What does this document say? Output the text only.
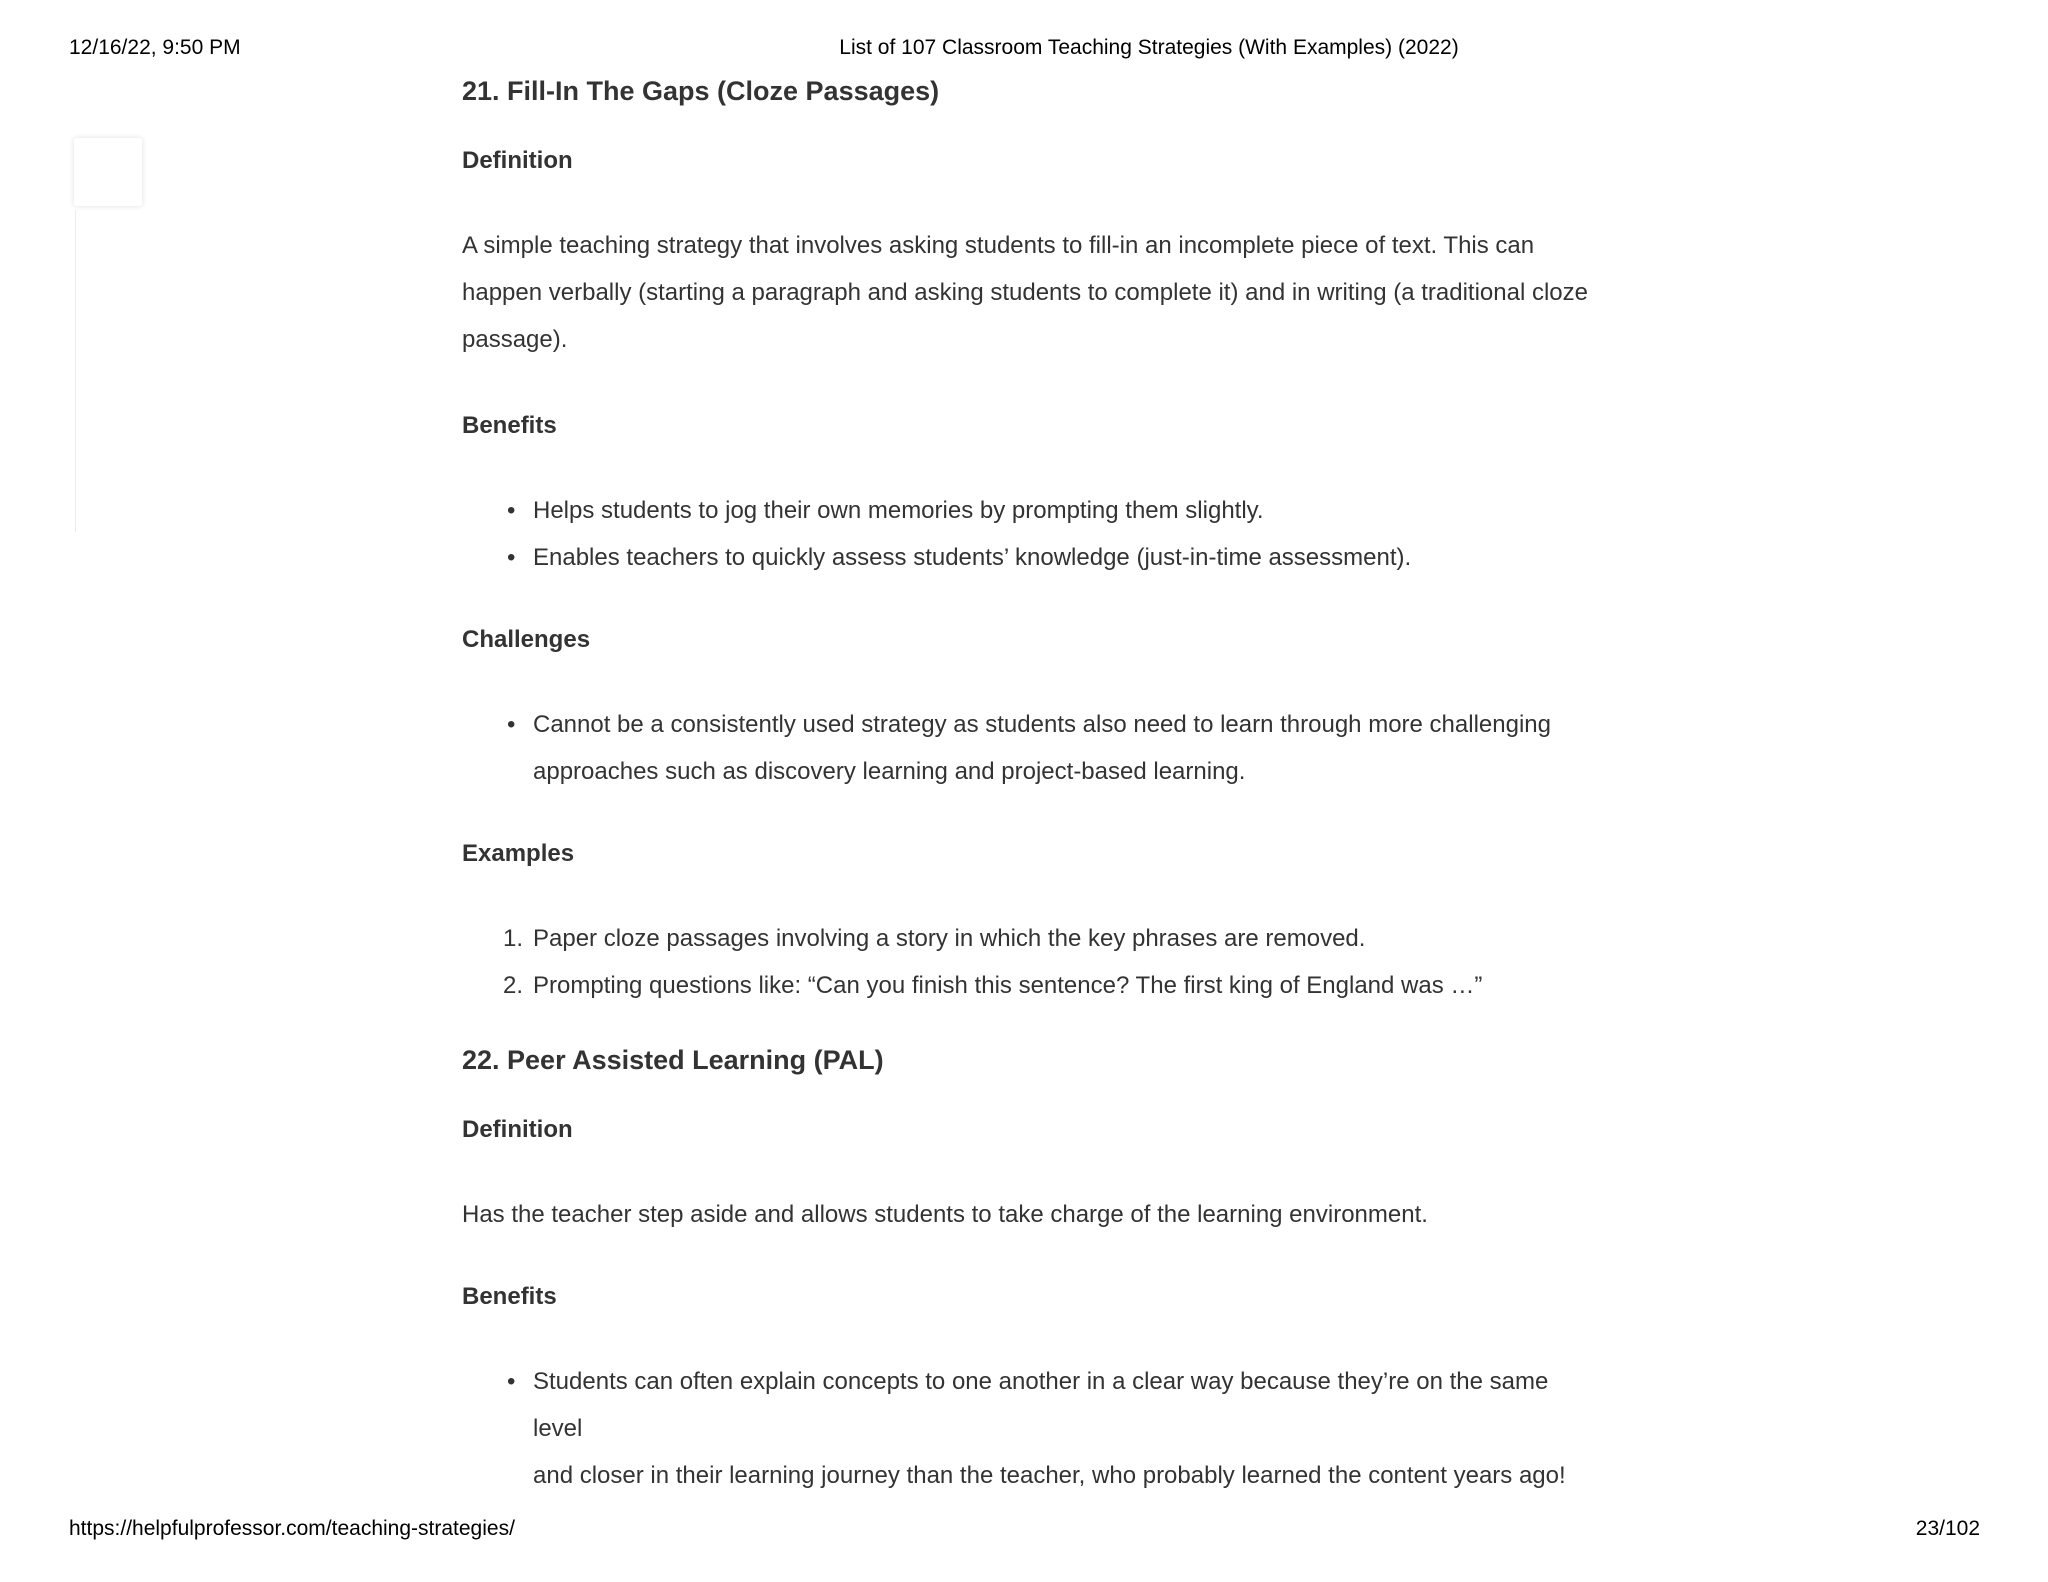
12/16/22, 9:50 PM	List of 107 Classroom Teaching Strategies (With Examples) (2022)
21. Fill-In The Gaps (Cloze Passages)
Definition
A simple teaching strategy that involves asking students to fill-in an incomplete piece of text. This can
happen verbally (starting a paragraph and asking students to complete it) and in writing (a traditional cloze
passage).
Benefits
• Helps students to jog their own memories by prompting them slightly.
• Enables teachers to quickly assess students’ knowledge (just-in-time assessment).
Challenges
• Cannot be a consistently used strategy as students also need to learn through more challenging
approaches such as discovery learning and project-based learning.
Examples
1. Paper cloze passages involving a story in which the key phrases are removed.
2. Prompting questions like: “Can you finish this sentence? The first king of England was …”
22. Peer Assisted Learning (PAL)
Definition
Has the teacher step aside and allows students to take charge of the learning environment.
Benefits
• Students can often explain concepts to one another in a clear way because they’re on the same level
and closer in their learning journey than the teacher, who probably learned the content years ago!
https://helpfulprofessor.com/teaching-strategies/	23/102
